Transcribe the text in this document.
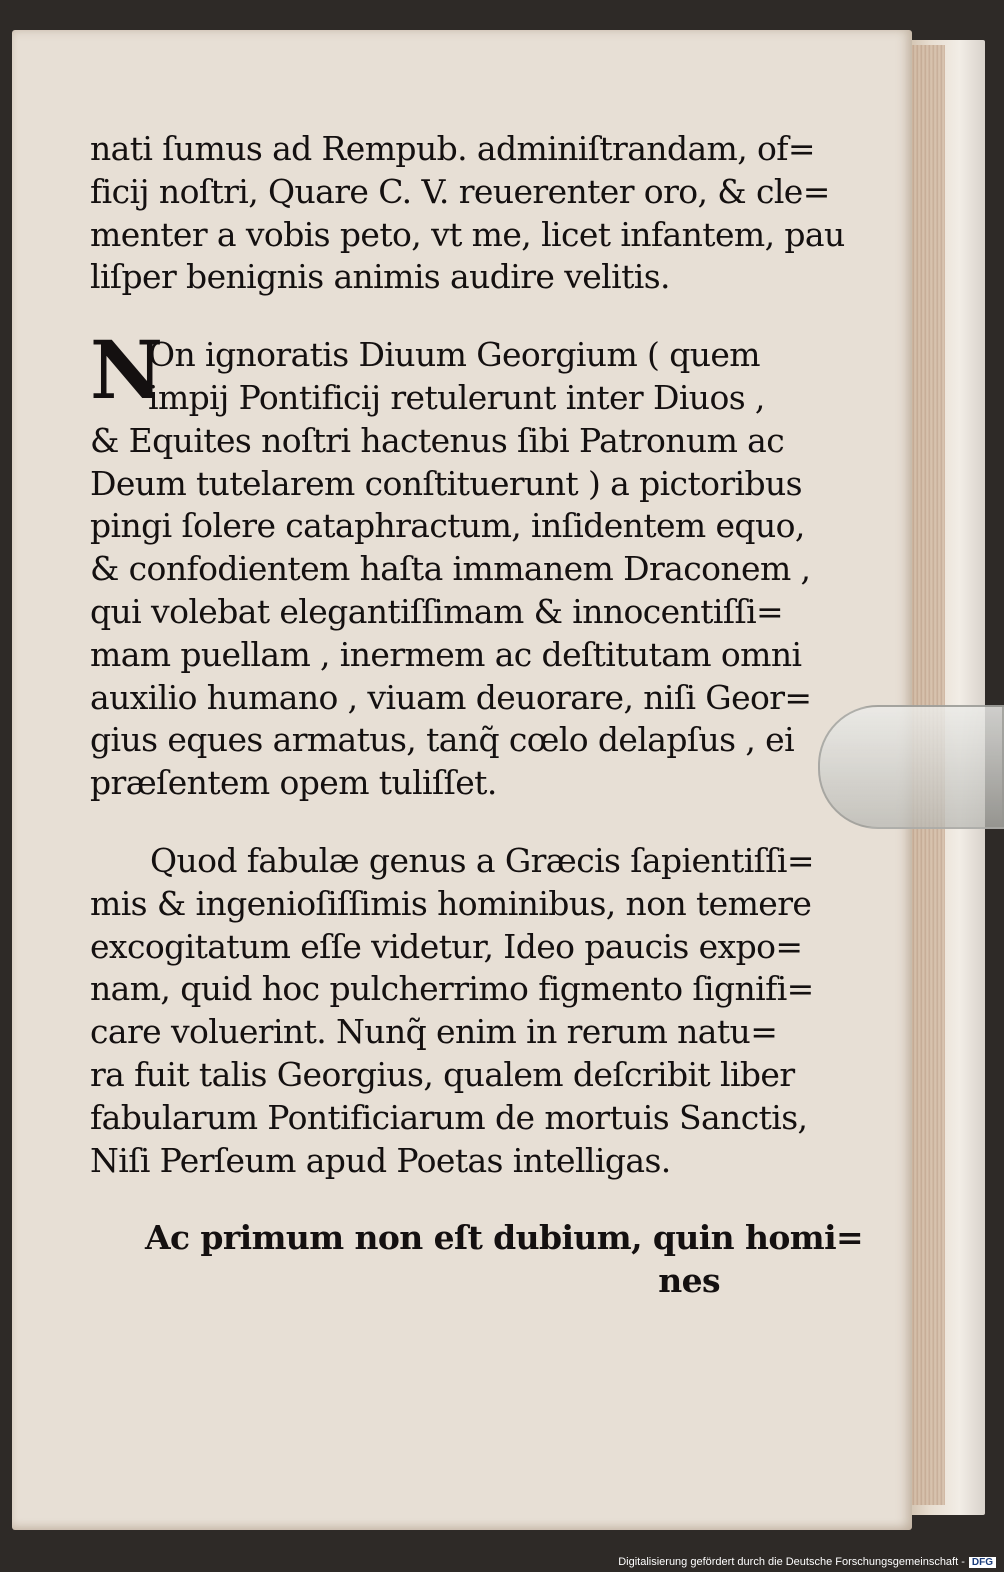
nati ſumus ad Rempub. adminiſtrandam, of=
ficij noſtri, Quare C. V. reuerenter oro, & cle=
menter a vobis peto, vt me, licet infantem, pau
liſper benignis animis audire velitis.
N
On ignoratis Diuum Georgium ( quem
impij Pontificij retulerunt inter Diuos ,
& Equites noſtri hactenus ſibi Patronum ac
Deum tutelarem conſtituerunt ) a pictoribus
pingi ſolere cataphractum, inſidentem equo,
& confodientem haſta immanem Draconem ,
qui volebat elegantiſſimam & innocentiſſi=
mam puellam , inermem ac deſtitutam omni
auxilio humano , viuam deuorare, niſi Geor=
gius eques armatus, tanq̃ cœlo delapſus , ei
præſentem opem tuliſſet.
Quod fabulæ genus a Græcis ſapientiſſi=
mis & ingenioſiſſimis hominibus, non temere
excogitatum eſſe videtur, Ideo paucis expo=
nam, quid hoc pulcherrimo figmento ſignifi=
care voluerint. Nunq̃ enim in rerum natu=
ra fuit talis Georgius, qualem deſcribit liber
fabularum Pontificiarum de mortuis Sanctis,
Niſi Perſeum apud Poetas intelligas.
Ac primum non eſt dubium, quin homi=
nes
Digitalisierung gefördert durch die Deutsche Forschungsgemeinschaft - DFG
